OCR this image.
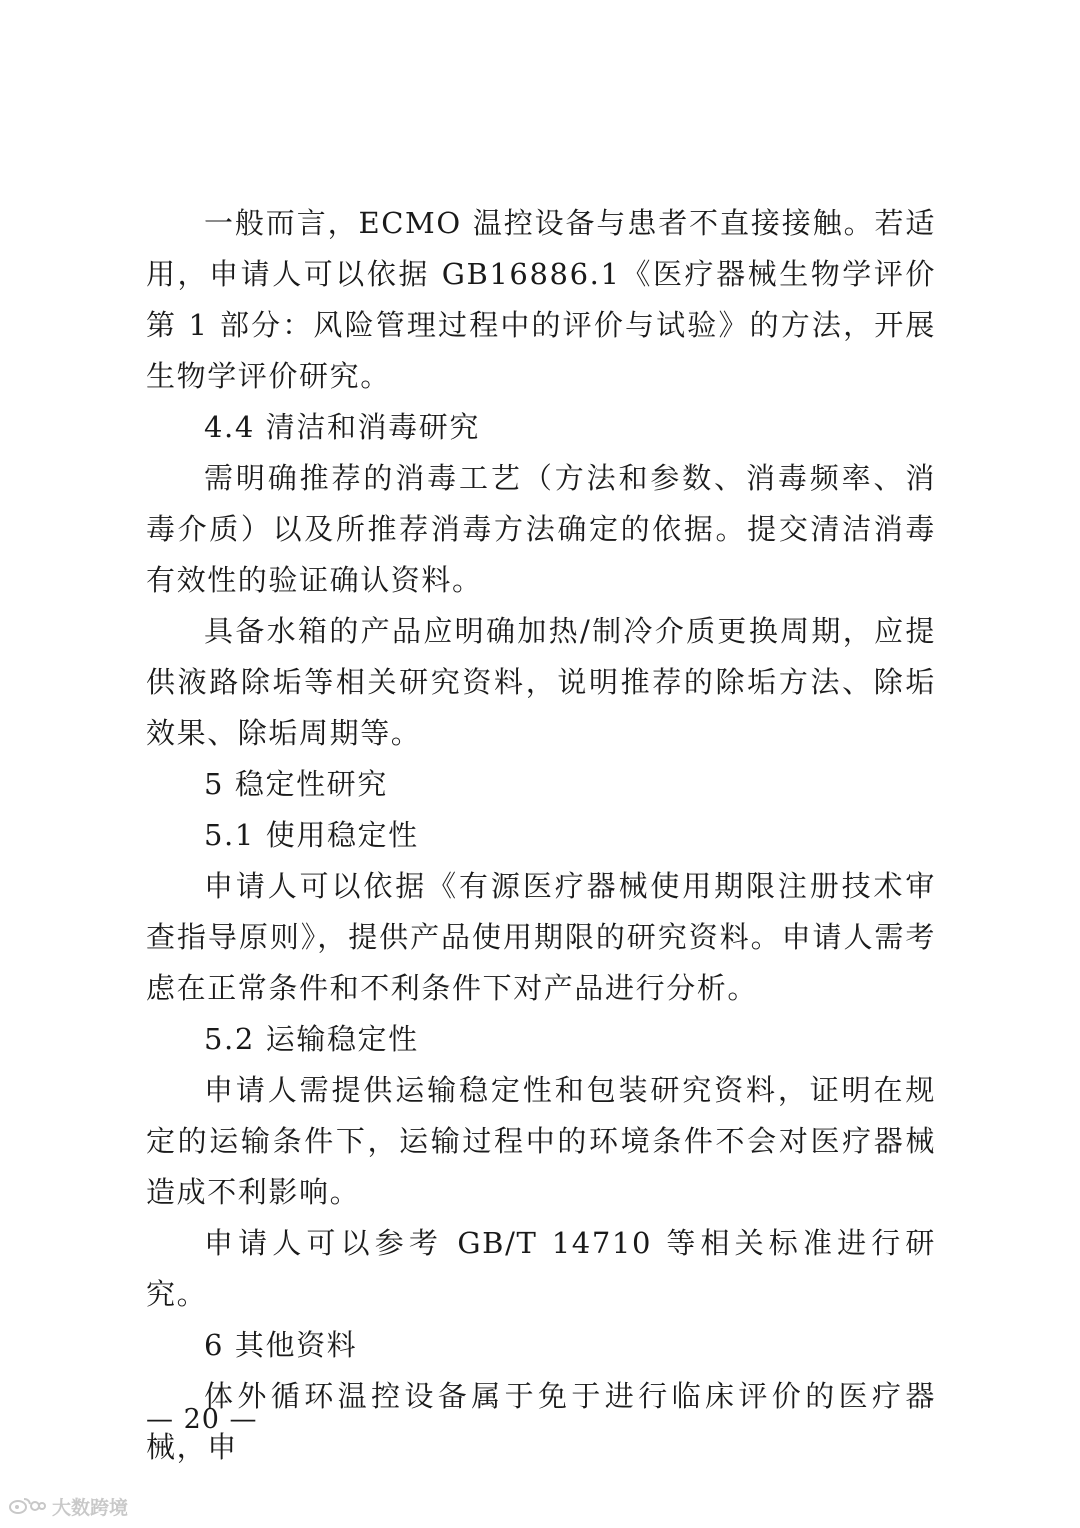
一般而言，ECMO 温控设备与患者不直接接触。若适用，申请人可以依据 GB16886.1《医疗器械生物学评价第 1 部分：风险管理过程中的评价与试验》的方法，开展生物学评价研究。

4.4 清洁和消毒研究

需明确推荐的消毒工艺（方法和参数、消毒频率、消毒介质）以及所推荐消毒方法确定的依据。提交清洁消毒有效性的验证确认资料。

具备水箱的产品应明确加热/制冷介质更换周期，应提供液路除垢等相关研究资料，说明推荐的除垢方法、除垢效果、除垢周期等。

5 稳定性研究

5.1 使用稳定性

申请人可以依据《有源医疗器械使用期限注册技术审查指导原则》，提供产品使用期限的研究资料。申请人需考虑在正常条件和不利条件下对产品进行分析。

5.2 运输稳定性

申请人需提供运输稳定性和包装研究资料，证明在规定的运输条件下，运输过程中的环境条件不会对医疗器械造成不利影响。

申请人可以参考 GB/T 14710 等相关标准进行研究。

6 其他资料

体外循环温控设备属于免于进行临床评价的医疗器械，申

— 20 —
大数跨境
